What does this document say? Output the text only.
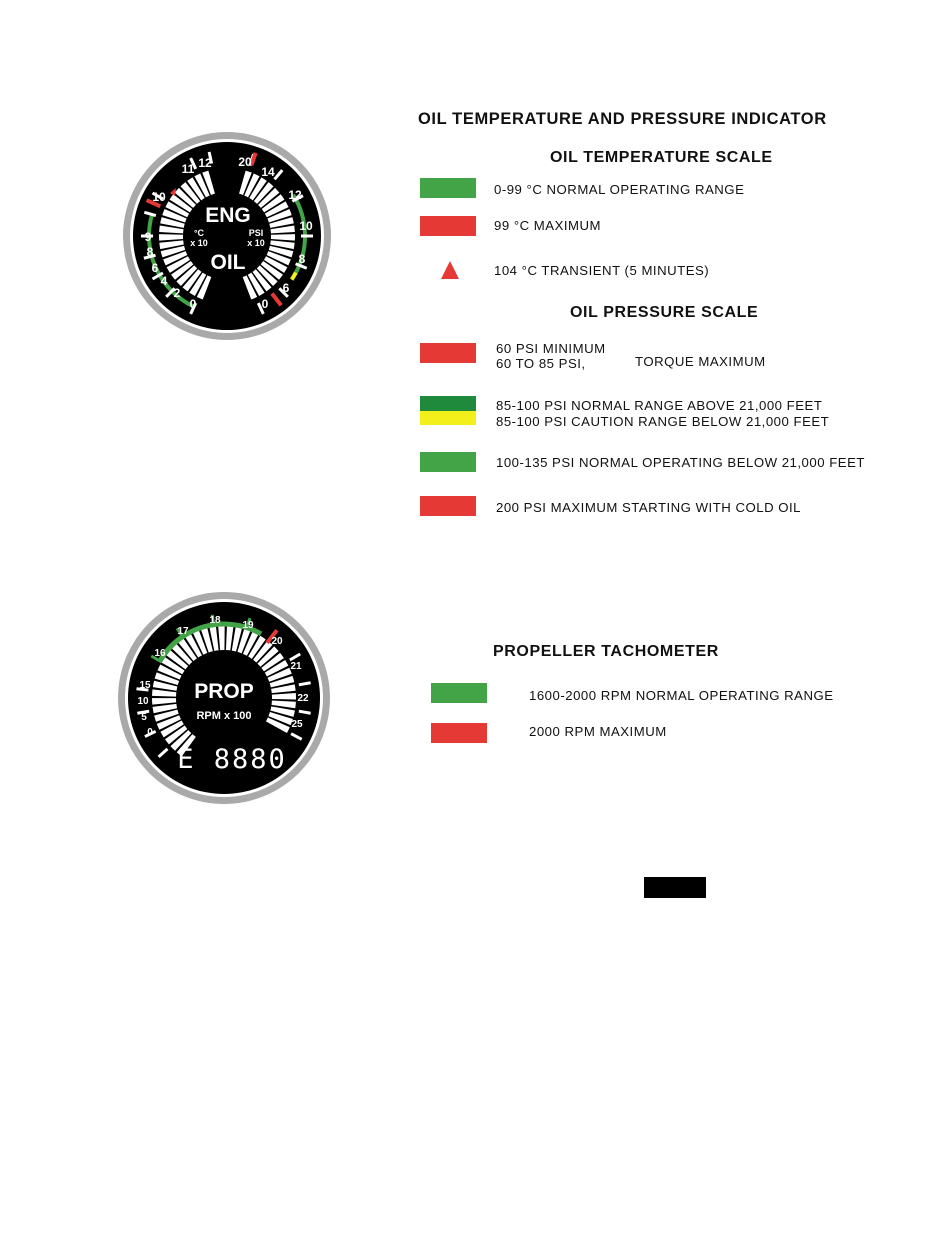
ENG
OIL
°C
x 10
PSI
x 10
0
2
4
6
8
9
10
11 12
0
6
8
10
12
14
20
OIL TEMPERATURE AND PRESSURE INDICATOR
OIL TEMPERATURE SCALE
0-99 °C NORMAL OPERATING RANGE
99 °C MAXIMUM
104 °C TRANSIENT (5 MINUTES)
OIL PRESSURE SCALE
60 PSI MINIMUM
60 TO 85 PSI,	TORQUE MAXIMUM
85-100 PSI NORMAL RANGE ABOVE 21,000 FEET
85-100 PSI CAUTION RANGE BELOW 21,000 FEET
100-135 PSI NORMAL OPERATING BELOW 21,000 FEET
200 PSI MAXIMUM STARTING WITH COLD OIL
PROP
RPM x 100
E 8880
0
5
10
15
16
17
18 19
20
21
22
25
PROPELLER TACHOMETER
1600-2000 RPM NORMAL OPERATING RANGE
2000 RPM MAXIMUM
